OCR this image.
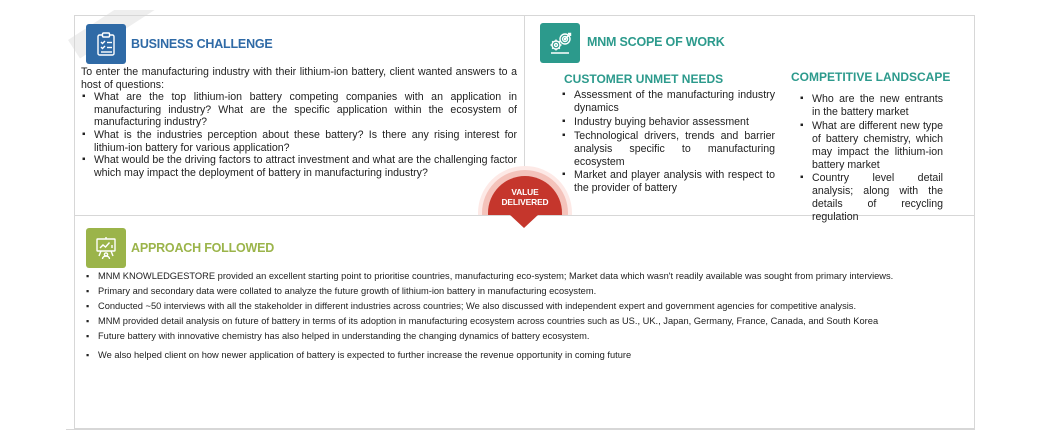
BUSINESS CHALLENGE

To enter the manufacturing industry with their lithium-ion battery, client wanted answers to a host of questions:

▪ What are the top lithium-ion battery competing companies with an application in manufacturing industry? What are the specific application within the ecosystem of manufacturing industry?
▪ What is the industries perception about these battery? Is there any rising interest for lithium-ion battery for various application?
▪ What would be the driving factors to attract investment and what are the challenging factor which may impact the deployment of battery in manufacturing industry?
MNM SCOPE OF WORK
CUSTOMER UNMET NEEDS
▪ Assessment of the manufacturing industry dynamics
▪ Industry buying behavior assessment
▪ Technological drivers, trends and barrier analysis specific to manufacturing ecosystem
▪ Market and player analysis with respect to the provider of battery
COMPETITIVE LANDSCAPE
▪ Who are the new entrants in the battery market
▪ What are different new type of battery chemistry, which may impact the lithium-ion battery market
▪ Country level detail analysis; along with the details of recycling regulation
VALUE
DELIVERED
APPROACH FOLLOWED
▪ MNM KNOWLEDGESTORE provided an excellent starting point to prioritise countries, manufacturing eco-system; Market data which wasn't readily available was sought from primary interviews.
▪ Primary and secondary data were collated to analyze the future growth of lithium-ion battery in manufacturing ecosystem.
▪ Conducted ~50 interviews with all the stakeholder in different industries across countries; We also discussed with independent expert and government agencies for competitive analysis.
▪ MNM provided detail analysis on future of battery in terms of its adoption in manufacturing ecosystem across countries such as US., UK., Japan, Germany, France, Canada, and South Korea
▪ Future battery with innovative chemistry has also helped in understanding the changing dynamics of battery ecosystem.
▪ We also helped client on how newer application of battery is expected to further increase the revenue opportunity in coming future
